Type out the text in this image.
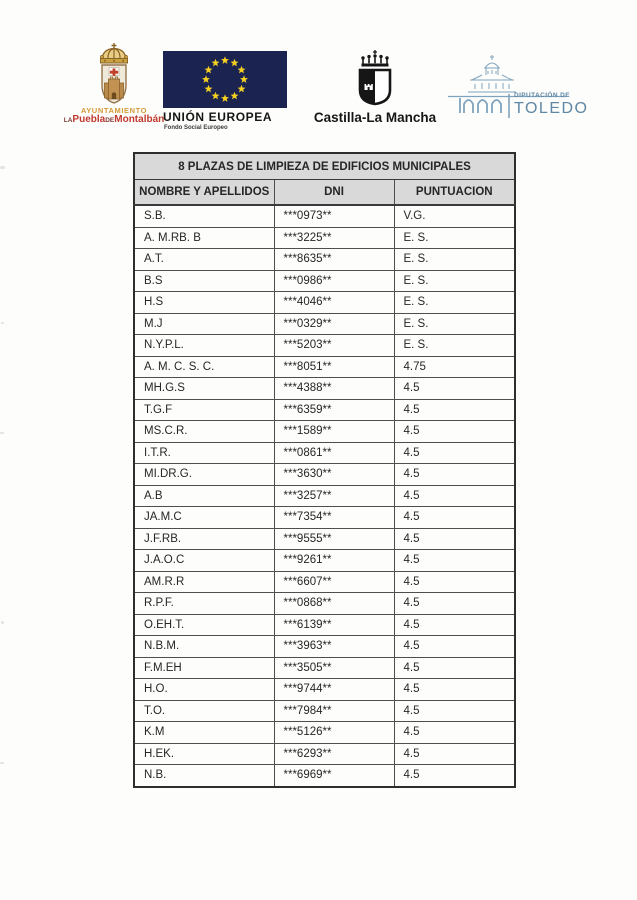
AYUNTAMIENTO
LAPueblaDEMontalbán
UNIÓN EUROPEA
Fondo Social Europeo
Castilla-La Mancha
DIPUTACIÓN DE
TOLEDO
8 PLAZAS DE LIMPIEZA DE EDIFICIOS MUNICIPALES		
NOMBRE Y APELLIDOS	DNI	PUNTUACION
S.B.	***0973**	V.G.
A. M.RB. B	***3225**	E. S.
A.T.	***8635**	E. S.
B.S	***0986**	E. S.
H.S	***4046**	E. S.
M.J	***0329**	E. S.
N.Y.P.L.	***5203**	E. S.
A. M. C. S. C.	***8051**	4.75
MH.G.S	***4388**	4.5
T.G.F	***6359**	4.5
MS.C.R.	***1589**	4.5
I.T.R.	***0861**	4.5
MI.DR.G.	***3630**	4.5
A.B	***3257**	4.5
JA.M.C	***7354**	4.5
J.F.RB.	***9555**	4.5
J.A.O.C	***9261**	4.5
AM.R.R	***6607**	4.5
R.P.F.	***0868**	4.5
O.EH.T.	***6139**	4.5
N.B.M.	***3963**	4.5
F.M.EH	***3505**	4.5
H.O.	***9744**	4.5
T.O.	***7984**	4.5
K.M	***5126**	4.5
H.EK.	***6293**	4.5
N.B.	***6969**	4.5
